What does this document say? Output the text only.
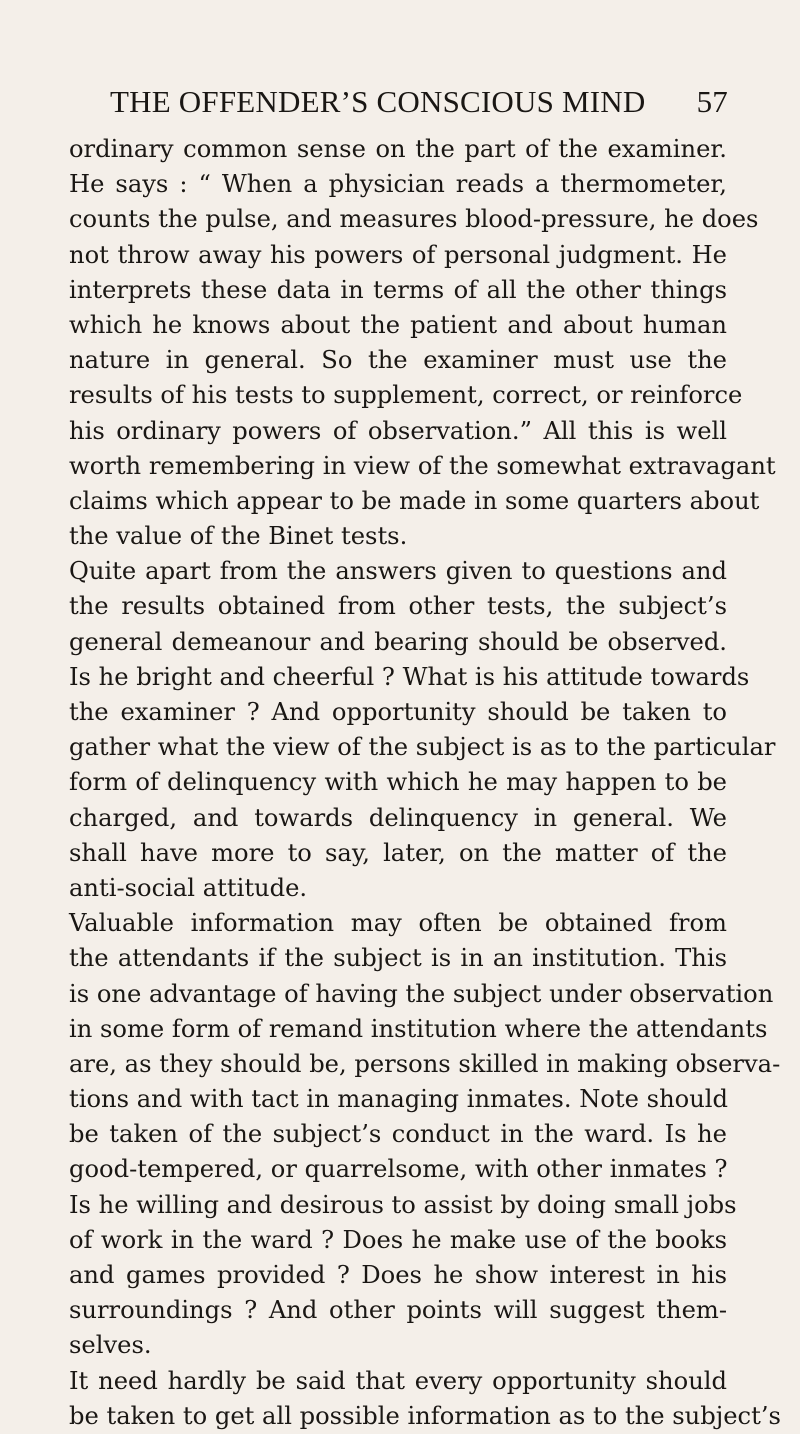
THE OFFENDER’S CONSCIOUS MIND 57
ordinary common sense on the part of the examiner.
He says : “ When a physician reads a thermometer,
counts the pulse, and measures blood-pressure, he does
not throw away his powers of personal judgment. He
interprets these data in terms of all the other things
which he knows about the patient and about human
nature in general. So the examiner must use the
results of his tests to supplement, correct, or reinforce
his ordinary powers of observation.” All this is well
worth remembering in view of the somewhat extravagant
claims which appear to be made in some quarters about
the value of the Binet tests.
Quite apart from the answers given to questions and
the results obtained from other tests, the subject’s
general demeanour and bearing should be observed.
Is he bright and cheerful ? What is his attitude towards
the examiner ? And opportunity should be taken to
gather what the view of the subject is as to the particular
form of delinquency with which he may happen to be
charged, and towards delinquency in general. We
shall have more to say, later, on the matter of the
anti-social attitude.
Valuable information may often be obtained from
the attendants if the subject is in an institution. This
is one advantage of having the subject under observation
in some form of remand institution where the attendants
are, as they should be, persons skilled in making observa-
tions and with tact in managing inmates. Note should
be taken of the subject’s conduct in the ward. Is he
good-tempered, or quarrelsome, with other inmates ?
Is he willing and desirous to assist by doing small jobs
of work in the ward ? Does he make use of the books
and games provided ? Does he show interest in his
surroundings ? And other points will suggest them-
selves.
It need hardly be said that every opportunity should
be taken to get all possible information as to the subject’s
